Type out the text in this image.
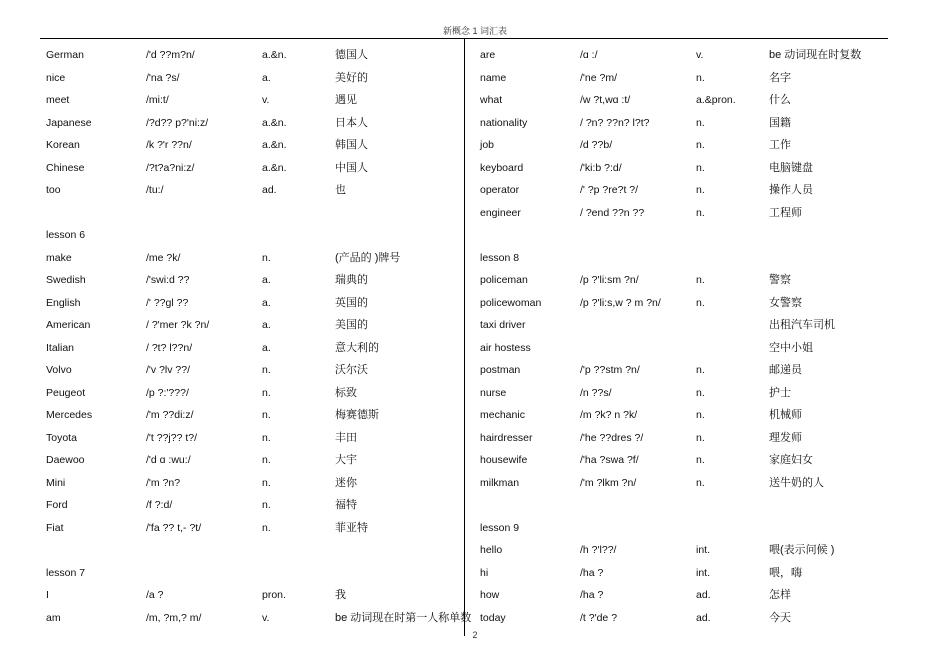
新概念 1 词汇表
German	/'d ??m?n/	a.&n.	德国人
nice	/'na ?s/	a.	美好的
meet	/mi:t/	v.	遇见
Japanese	/?d?? p?'ni:z/	a.&n.	日本人
Korean	/k ?'r ??n/	a.&n.	韩国人
Chinese	/?t?a?ni:z/	a.&n.	中国人
too	/tu:/	ad.	也
lesson 6
make	/me ?k/	n.	(产品的 )牌号
Swedish	/'swi:d ??	a.	瑞典的
English	/' ??gl ??	a.	英国的
American	/ ?'mer ?k ?n/	a.	美国的
Italian	/ ?t? l??n/	a.	意大利的
Volvo	/'v ?lv ??/	n.	沃尔沃
Peugeot	/p ?:'???/	n.	标致
Mercedes	/'m ??di:z/	n.	梅赛德斯
Toyota	/'t ??j?? t?/	n.	丰田
Daewoo	/'d ɑ :wu:/	n.	大宇
Mini	/'m ?n?	n.	迷你
Ford	/f ?:d/	n.	福特
Fiat	/'fa ?? t,- ?t/	n.	菲亚特
lesson 7
I	/a ?	pron.	我
am	/m, ?m,? m/	v.	be 动词现在时第一人称单数
are	/ɑ :/	v.	be 动词现在时复数
name	/'ne ?m/	n.	名字
what	/w ?t,wɑ :t/	a.&pron.	什么
nationality	/ ?n? ??n? l?t?	n.	国籍
job	/d ??b/	n.	工作
keyboard	/'ki:b ?:d/	n.	电脑键盘
operator	/' ?p ?re?t ?/	n.	操作人员
engineer	/ ?end ??n ??	n.	工程师
lesson 8
policeman	/p ?'li:sm ?n/	n.	警察
policewoman	/p ?'li:s,w ? m ?n/	n.	女警察
taxi driver	出租汽车司机
air hostess	空中小姐
postman	/'p ??stm ?n/	n.	邮递员
nurse	/n ??s/	n.	护士
mechanic	/m ?k? n ?k/	n.	机械师
hairdresser	/'he ??dres ?/	n.	理发师
housewife	/'ha ?swa ?f/	n.	家庭妇女
milkman	/'m ?lkm ?n/	n.	送牛奶的人
lesson 9
hello	/h ?'l??/	int.	喂(表示问候 )
hi	/ha ?	int.	喂，嗨
how	/ha ?	ad.	怎样
today	/t ?'de ?	ad.	今天
2
